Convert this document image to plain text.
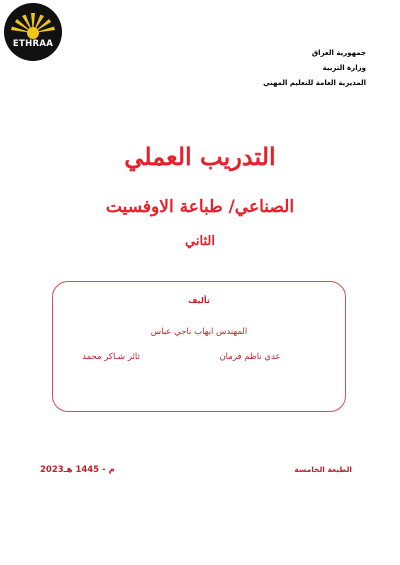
ETHRAA
جمهورية العراق
وزارة التربية
المديرية العامة للتعليم المهني
التدريب العملي
الصناعي/ طباعة الاوفسيت
الثاني
تأليف
المهندس ايهاب ناجي عباس
عدي ناظم فرمان
ثائر شـاكر محمد
الطبعة الخامسة
2023م - 1445 هـ
